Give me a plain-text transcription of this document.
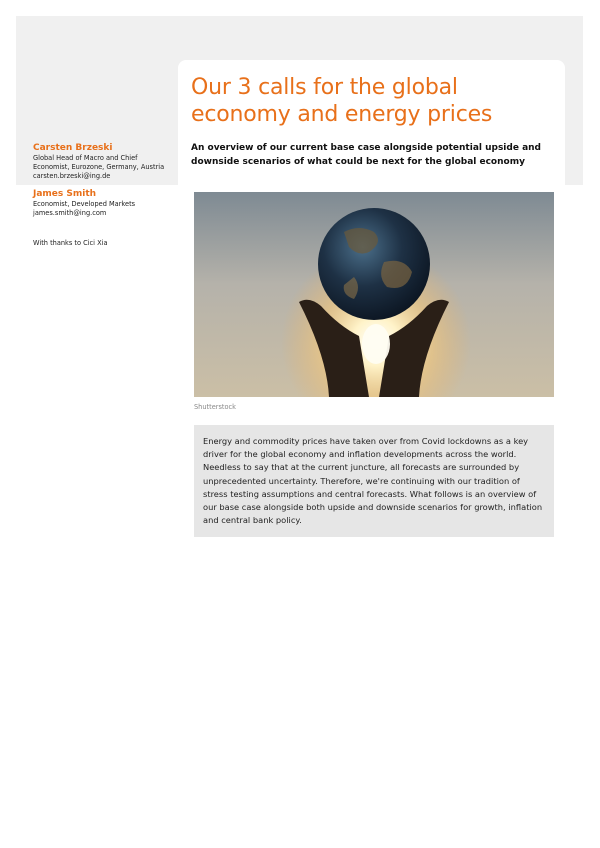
Our 3 calls for the global economy and energy prices

An overview of our current base case alongside potential upside and downside scenarios of what could be next for the global economy

Carsten Brzeski
Global Head of Macro and Chief
Economist, Eurozone, Germany, Austria
carsten.brzeski@ing.de
James Smith
Economist, Developed Markets
james.smith@ing.com
With thanks to Cici Xia
Shutterstock

Energy and commodity prices have taken over from Covid lockdowns as a key driver for the global economy and inflation developments across the world. Needless to say that at the current juncture, all forecasts are surrounded by unprecedented uncertainty. Therefore, we're continuing with our tradition of stress testing assumptions and central forecasts. What follows is an overview of our base case alongside both upside and downside scenarios for growth, inflation and central bank policy.
